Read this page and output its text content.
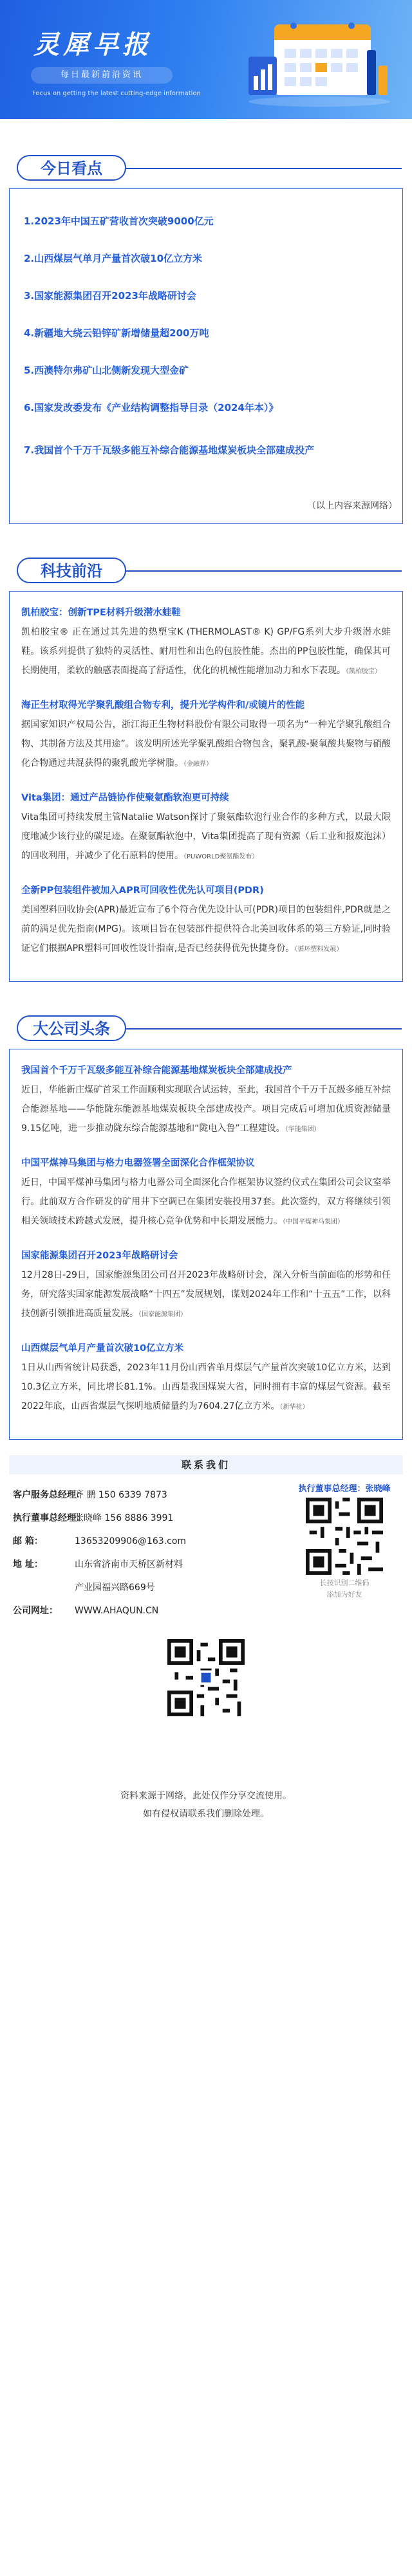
灵犀早报
每日最新前沿资讯
Focus on getting the latest cutting-edge information
今日看点
1.2023年中国五矿营收首次突破9000亿元
2.山西煤层气单月产量首次破10亿立方米
3.国家能源集团召开2023年战略研讨会
4.新疆地大绕云铅锌矿新增储量超200万吨
5.西澳特尔弗矿山北侧新发现大型金矿
6.国家发改委发布《产业结构调整指导目录（2024年本）》
7.我国首个千万千瓦级多能互补综合能源基地煤炭板块全部建成投产
（以上内容来源网络）
科技前沿
凯柏胶宝：创新TPE材料升级潜水蛙鞋
凯柏胶宝® 正在通过其先进的热塑宝K (THERMOLAST® K) GP/FG系列大步升级潜水蛙鞋。该系列提供了独特的灵活性、耐用性和出色的包胶性能。杰出的PP包胶性能，确保其可长期使用，柔软的触感表面提高了舒适性，优化的机械性能增加动力和水下表现。（凯柏胶宝）
海正生材取得光学聚乳酸组合物专利，提升光学构件和/或镜片的性能
据国家知识产权局公告，浙江海正生物材料股份有限公司取得一项名为“一种光学聚乳酸组合物、其制备方法及其用途”。该发明所述光学聚乳酸组合物包含，聚乳酸-聚氧酸共聚物与硝酸化合物通过共混获得的聚乳酸光学树脂。（金融界）
Vita集团：通过产品链协作使聚氨酯软泡更可持续
Vita集团可持续发展主管Natalie Watson探讨了聚氨酯软泡行业合作的多种方式，以最大限度地减少该行业的碳足迹。在聚氨酯软泡中，Vita集团提高了现有资源（后工业和报废泡沫）的回收利用，并减少了化石原料的使用。（PUWORLD聚氨酯发布）
全新PP包装组件被加入APR可回收性优先认可项目(PDR)
美国塑料回收协会(APR)最近宣布了6个符合优先设计认可(PDR)项目的包装组件,PDR就是之前的满足优先指南(MPG)。该项目旨在包装部件提供符合北美回收体系的第三方验证,同时验证它们根据APR塑料可回收性设计指南,是否已经获得优先快捷身份。（循环塑料发展）
大公司头条
我国首个千万千瓦级多能互补综合能源基地煤炭板块全部建成投产
近日，华能新庄煤矿首采工作面顺利实现联合试运转，至此，我国首个千万千瓦级多能互补综合能源基地——华能陇东能源基地煤炭板块全部建成投产。项目完成后可增加优质资源储量9.15亿吨，进一步推动陇东综合能源基地和“陇电入鲁”工程建设。（华能集团）
中国平煤神马集团与格力电器签署全面深化合作框架协议
近日，中国平煤神马集团与格力电器公司全面深化合作框架协议签约仪式在集团公司会议室举行。此前双方合作研发的矿用井下空调已在集团安装投用37套。此次签约，双方将继续引领相关领域技术跨越式发展，提升核心竞争优势和中长期发展能力。（中国平煤神马集团）
国家能源集团召开2023年战略研讨会
12月28日-29日，国家能源集团公司召开2023年战略研讨会，深入分析当前面临的形势和任务，研究落实国家能源发展战略“十四五”发展规划，谋划2024年工作和“十五五”工作，以科技创新引领推进高质量发展。（国家能源集团）
山西煤层气单月产量首次破10亿立方米
1日从山西省统计局获悉，2023年11月份山西省单月煤层气产量首次突破10亿立方米，达到10.3亿立方米，同比增长81.1%。山西是我国煤炭大省，同时拥有丰富的煤层气资源。截至2022年底，山西省煤层气探明地质储量约为7604.27亿立方米。（新华社）
联系我们
客户服务总经理：齐 鹏 150 6339 7873
执行董事总经理：张晓峰 156 8886 3991
邮 箱：	13653209906@163.com
地 址：	山东省济南市天桥区新材料
产业园福兴路669号
公司网址： WWW.AHAQUN.CN
执行董事总经理：张晓峰
长按识别二维码
添加为好友
资料来源于网络，此处仅作分享交流使用。
如有侵权请联系我们删除处理。
